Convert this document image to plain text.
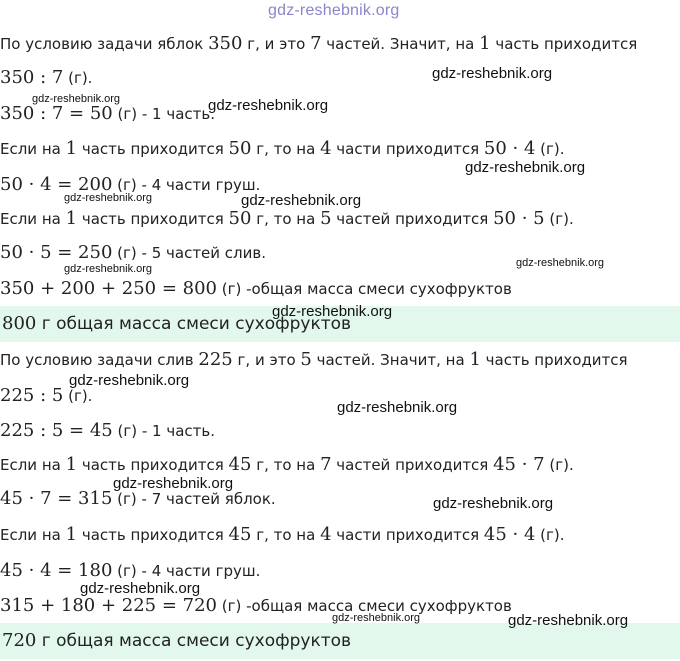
По условию задачи яблок 350 г, и это 7 частей. Значит, на 1 часть приходится
350 : 7 (г).
350 : 7 = 50 (г) - 1 часть.
Если на 1 часть приходится 50 г, то на 4 части приходится 50 · 4 (г).
50 · 4 = 200 (г) - 4 части груш.
Если на 1 часть приходится 50 г, то на 5 частей приходится 50 · 5 (г).
50 · 5 = 250 (г) - 5 частей слив.
350 + 200 + 250 = 800 (г) -общая масса смеси сухофруктов
800 г общая масса смеси сухофруктов
По условию задачи слив 225 г, и это 5 частей. Значит, на 1 часть приходится
225 : 5 (г).
225 : 5 = 45 (г) - 1 часть.
Если на 1 часть приходится 45 г, то на 7 частей приходится 45 · 7 (г).
45 · 7 = 315 (г) - 7 частей яблок.
Если на 1 часть приходится 45 г, то на 4 части приходится 45 · 4 (г).
45 · 4 = 180 (г) - 4 части груш.
315 + 180 + 225 = 720 (г) -общая масса смеси сухофруктов
720 г общая масса смеси сухофруктов
gdz-reshebnik.org
gdz-reshebnik.org
gdz-reshebnik.org	gdz-reshebnik.org
gdz-reshebnik.org
gdz-reshebnik.org	gdz-reshebnik.org
gdz-reshebnik.org
gdz-reshebnik.org
gdz-reshebnik.org
gdz-reshebnik.org
gdz-reshebnik.org
gdz-reshebnik.org
gdz-reshebnik.org
gdz-reshebnik.org
gdz-reshebnik.org	gdz-reshebnik.org
